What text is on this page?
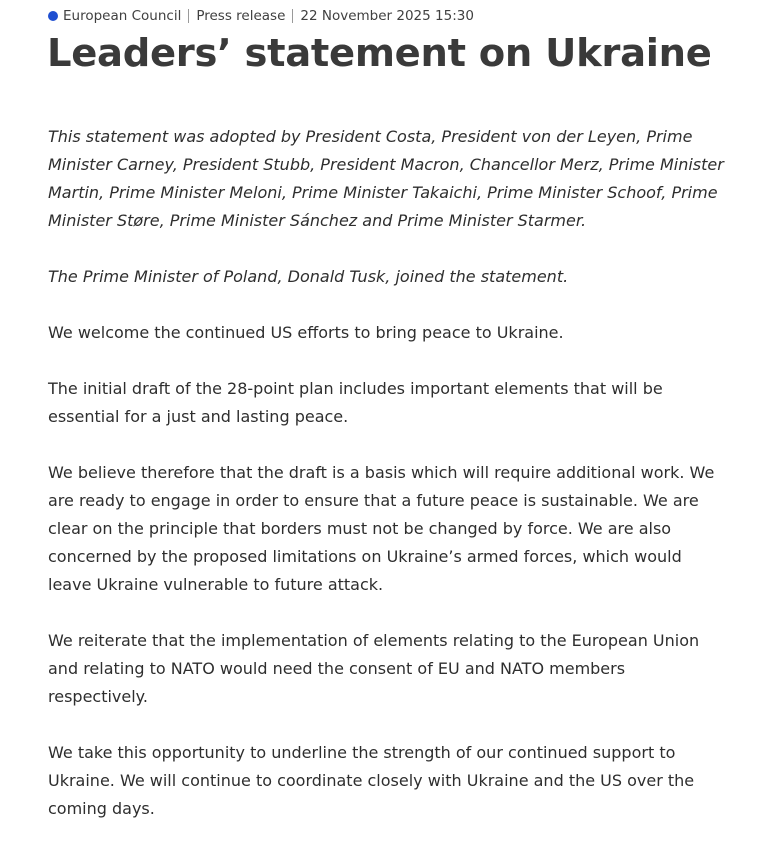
European Council Press release 22 November 2025 15:30
Leaders’ statement on Ukraine

This statement was adopted by President Costa, President von der Leyen, Prime Minister Carney, President Stubb, President Macron, Chancellor Merz, Prime Minister Martin, Prime Minister Meloni, Prime Minister Takaichi, Prime Minister Schoof, Prime Minister Støre, Prime Minister Sánchez and Prime Minister Starmer.

The Prime Minister of Poland, Donald Tusk, joined the statement.

We welcome the continued US efforts to bring peace to Ukraine.

The initial draft of the 28-point plan includes important elements that will be essential for a just and lasting peace.

We believe therefore that the draft is a basis which will require additional work. We are ready to engage in order to ensure that a future peace is sustainable. We are clear on the principle that borders must not be changed by force. We are also concerned by the proposed limitations on Ukraine’s armed forces, which would leave Ukraine vulnerable to future attack.

We reiterate that the implementation of elements relating to the European Union and relating to NATO would need the consent of EU and NATO members respectively.

We take this opportunity to underline the strength of our continued support to Ukraine. We will continue to coordinate closely with Ukraine and the US over the coming days.
